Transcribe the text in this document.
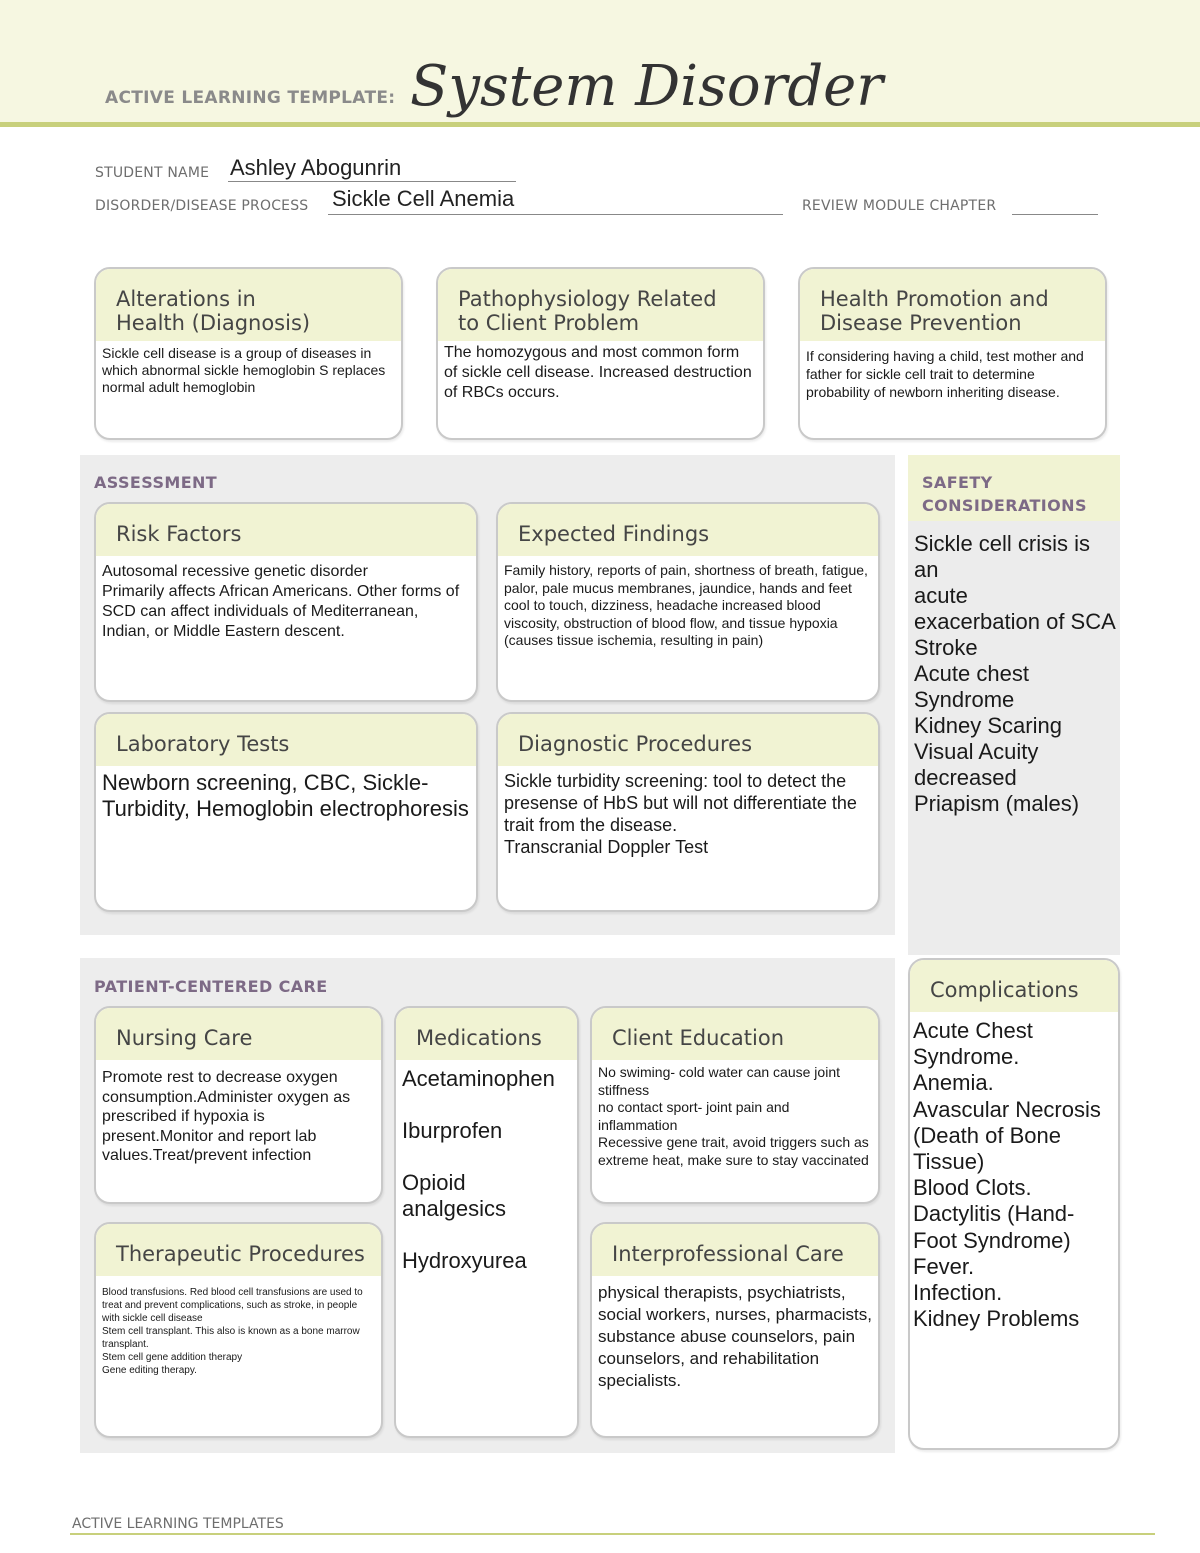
ACTIVE LEARNING TEMPLATE: System Disorder
STUDENT NAME Ashley Abogunrin
DISORDER/DISEASE PROCESS Sickle Cell Anemia	REVIEW MODULE CHAPTER
Alterations in
Health (Diagnosis)
Sickle cell disease is a group of diseases in which abnormal sickle hemoglobin S replaces normal adult hemoglobin
Pathophysiology Related
to Client Problem
The homozygous and most common form of sickle cell disease. Increased destruction of RBCs occurs.
Health Promotion and
Disease Prevention
If considering having a child, test mother and father for sickle cell trait to determine probability of newborn inheriting disease.
ASSESSMENT
Risk Factors
Autosomal recessive genetic disorder
Primarily affects African Americans. Other forms of SCD can affect individuals of Mediterranean, Indian, or Middle Eastern descent.
Expected Findings
Family history, reports of pain, shortness of breath, fatigue, palor, pale mucus membranes, jaundice, hands and feet cool to touch, dizziness, headache increased blood viscosity, obstruction of blood flow, and tissue hypoxia (causes tissue ischemia, resulting in pain)
Laboratory Tests
Newborn screening, CBC, Sickle-Turbidity, Hemoglobin electrophoresis
Diagnostic Procedures
Sickle turbidity screening: tool to detect the presense of HbS but will not differentiate the trait from the disease.
Transcranial Doppler Test
SAFETY
CONSIDERATIONS
Sickle cell crisis is an
acute
exacerbation of SCA
Stroke
Acute chest Syndrome
Kidney Scaring
Visual Acuity decreased
Priapism (males)
PATIENT-CENTERED CARE
Nursing Care
Promote rest to decrease oxygen consumption.Administer oxygen as prescribed if hypoxia is present.Monitor and report lab values.Treat/prevent infection
Medications
Acetaminophen

Iburprofen

Opioid analgesics

Hydroxyurea
Client Education
No swiming- cold water can cause joint stiffness
no contact sport- joint pain and inflammation
Recessive gene trait, avoid triggers such as extreme heat, make sure to stay vaccinated
Therapeutic Procedures
Blood transfusions. Red blood cell transfusions are used to treat and prevent complications, such as stroke, in people with sickle cell disease
Stem cell transplant. This also is known as a bone marrow transplant.
Stem cell gene addition therapy
Gene editing therapy.
Interprofessional Care
physical therapists, psychiatrists, social workers, nurses, pharmacists, substance abuse counselors, pain counselors, and rehabilitation specialists.
Complications
Acute Chest Syndrome.
Anemia.
Avascular Necrosis (Death of Bone Tissue)
Blood Clots.
Dactylitis (Hand-Foot Syndrome)
Fever.
Infection.
Kidney Problems
ACTIVE LEARNING TEMPLATES
